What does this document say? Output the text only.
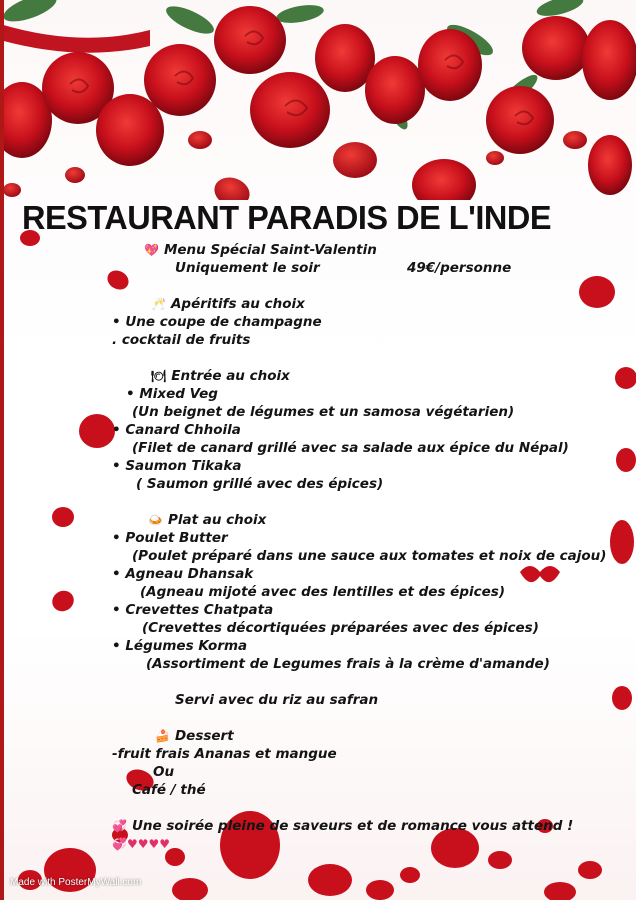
RESTAURANT PARADIS DE L'INDE
💖 Menu Spécial Saint-Valentin
Uniquement le soir	49€/personne
🥂 Apéritifs au choix
• Une coupe de champagne
. cocktail de fruits
🍽 Entrée au choix
• Mixed Veg
(Un beignet de légumes et un samosa végétarien)
• Canard Chhoila
(Filet de canard grillé avec sa salade aux épice du Népal)
• Saumon Tikaka
( Saumon grillé avec des épices)
🍛 Plat au choix
• Poulet Butter
(Poulet préparé dans une sauce aux tomates et noix de cajou)
• Agneau Dhansak
(Agneau mijoté avec des lentilles et des épices)
• Crevettes Chatpata
(Crevettes décortiquées préparées avec des épices)
• Légumes Korma
(Assortiment de Legumes frais à la crème d'amande)
Servi avec du riz au safran
🍰 Dessert
-fruit frais Ananas et mangue
Ou
Café / thé
💞 Une soirée pleine de saveurs et de romance vous attend !
💞♥♥♥♥
Made with PosterMyWall.com
